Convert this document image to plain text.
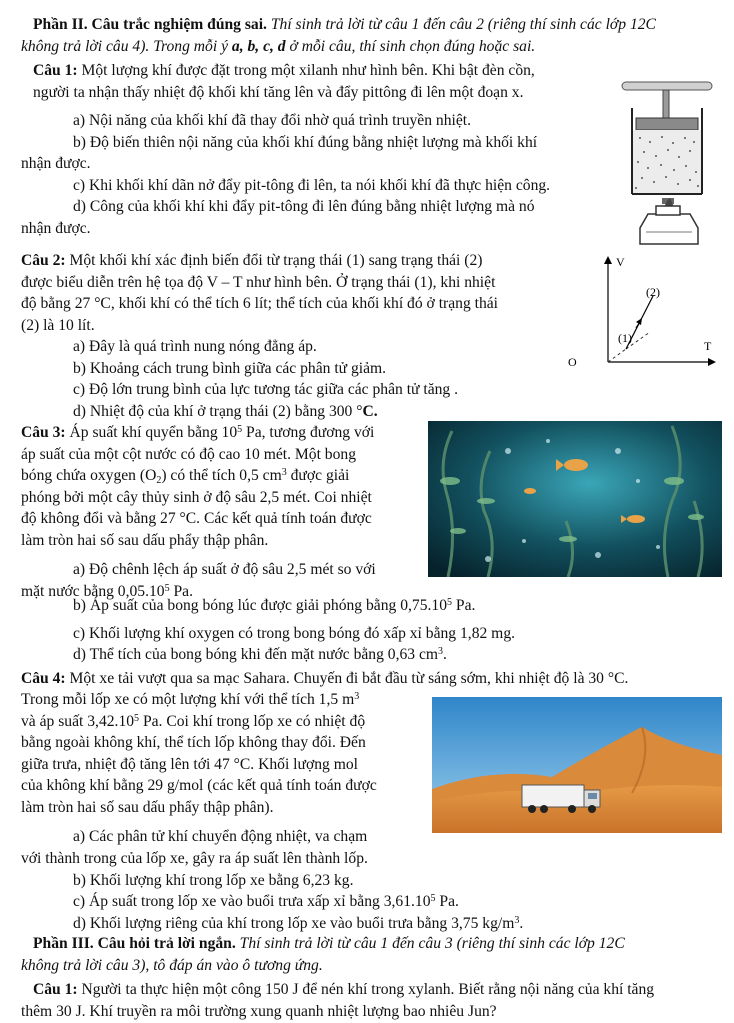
Phần II. Câu trắc nghiệm đúng sai. Thí sinh trả lời từ câu 1 đến câu 2 (riêng thí sinh các lớp 12C

không trả lời câu 4). Trong mỗi ý a, b, c, d ở mỗi câu, thí sinh chọn đúng hoặc sai.

Câu 1: Một lượng khí được đặt trong một xilanh như hình bên. Khi bật đèn cồn,

người ta nhận thấy nhiệt độ khối khí tăng lên và đẩy pittông đi lên một đoạn x.

a) Nội năng của khối khí đã thay đổi nhờ quá trình truyền nhiệt.

b) Độ biến thiên nội năng của khối khí đúng bằng nhiệt lượng mà khối khí

nhận được.

c) Khi khối khí dãn nở đẩy pit-tông đi lên, ta nói khối khí đã thực hiện công.

d) Công của khối khí khi đẩy pit-tông đi lên đúng bằng nhiệt lượng mà nó

nhận được.

Câu 2: Một khối khí xác định biến đổi từ trạng thái (1) sang trạng thái (2)

được biểu diễn trên hệ tọa độ V – T như hình bên. Ở trạng thái (1), khi nhiệt

độ bằng 27 °C, khối khí có thể tích 6 lít; thể tích của khối khí đó ở trạng thái

(2) là 10 lít.

a) Đây là quá trình nung nóng đẳng áp.

b) Khoảng cách trung bình giữa các phân tử giảm.

c) Độ lớn trung bình của lực tương tác giữa các phân tử tăng .

d) Nhiệt độ của khí ở trạng thái (2) bằng 300 °C.

V
T
O
(1)
(2)

Câu 3: Áp suất khí quyển bằng $10^5$ Pa, tương đương với

áp suất của một cột nước có độ cao 10 mét. Một bong

bóng chứa oxygen $(O_2)$ có thể tích 0,5 $cm^3$ được giải

phóng bởi một cây thủy sinh ở độ sâu 2,5 mét. Coi nhiệt

độ không đổi và bằng 27 °C. Các kết quả tính toán được

làm tròn hai số sau dấu phẩy thập phân.

a) Độ chênh lệch áp suất ở độ sâu 2,5 mét so với

mặt nước bằng 0,05.10$^5$ Pa.

b) Áp suất của bong bóng lúc được giải phóng bằng 0,75.10$^5$ Pa.

c) Khối lượng khí oxygen có trong bong bóng đó xấp xỉ bằng 1,82 mg.

d) Thể tích của bong bóng khi đến mặt nước bằng 0,63 $cm^3$.

Câu 4: Một xe tải vượt qua sa mạc Sahara. Chuyến đi bắt đầu từ sáng sớm, khi nhiệt độ là 30 °C.

Trong mỗi lốp xe có một lượng khí với thể tích 1,5 $m^3$

và áp suất 3,42.10$^5$ Pa. Coi khí trong lốp xe có nhiệt độ

bằng ngoài không khí, thể tích lốp không thay đổi. Đến

giữa trưa, nhiệt độ tăng lên tới 47 °C. Khối lượng mol

của không khí bằng 29 g/mol (các kết quả tính toán được

làm tròn hai số sau dấu phẩy thập phân).

a) Các phân tử khí chuyển động nhiệt, va chạm

với thành trong của lốp xe, gây ra áp suất lên thành lốp.

b) Khối lượng khí trong lốp xe bằng 6,23 kg.

c) Áp suất trong lốp xe vào buổi trưa xấp xỉ bằng 3,61.10$^5$ Pa.

d) Khối lượng riêng của khí trong lốp xe vào buổi trưa bằng 3,75 $kg/m^3$.

Phần III. Câu hỏi trả lời ngắn. Thí sinh trả lời từ câu 1 đến câu 3 (riêng thí sinh các lớp 12C

không trả lời câu 3), tô đáp án vào ô tương ứng.

Câu 1: Người ta thực hiện một công 150 J để nén khí trong xylanh. Biết rằng nội năng của khí tăng

thêm 30 J. Khí truyền ra môi trường xung quanh nhiệt lượng bao nhiêu Jun?
